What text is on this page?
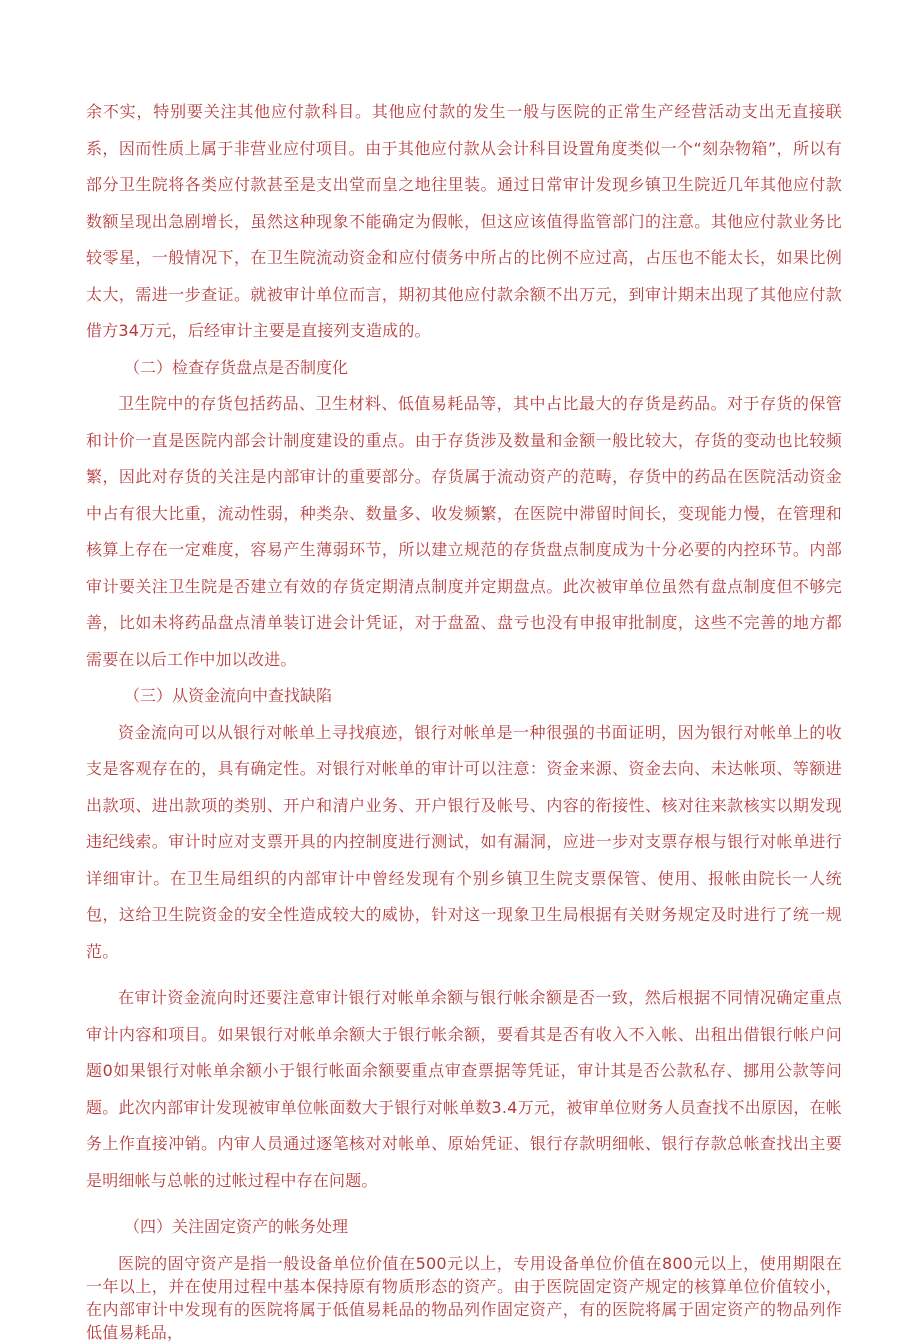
余不实，特别要关注其他应付款科目。其他应付款的发生一般与医院的正常生产经营活动支出无直接联系，因而性质上属于非营业应付项目。由于其他应付款从会计科目设置角度类似一个“刻杂物箱”，所以有部分卫生院将各类应付款甚至是支出堂而皇之地往里装。通过日常审计发现乡镇卫生院近几年其他应付款数额呈现出急剧增长，虽然这种现象不能确定为假帐，但这应该值得监管部门的注意。其他应付款业务比较零星，一般情况下，在卫生院流动资金和应付债务中所占的比例不应过高，占压也不能太长，如果比例太大，需进一步查证。就被审计单位而言，期初其他应付款余额不出万元，到审计期末出现了其他应付款借方34万元，后经审计主要是直接列支造成的。

（二）检查存货盘点是否制度化

卫生院中的存货包括药品、卫生材料、低值易耗品等，其中占比最大的存货是药品。对于存货的保管和计价一直是医院内部会计制度建设的重点。由于存货涉及数量和金额一般比较大，存货的变动也比较频繁，因此对存货的关注是内部审计的重要部分。存货属于流动资产的范畴，存货中的药品在医院活动资金中占有很大比重，流动性弱，种类杂、数量多、收发频繁，在医院中滞留时间长，变现能力慢，在管理和核算上存在一定难度，容易产生薄弱环节，所以建立规范的存货盘点制度成为十分必要的内控环节。内部审计要关注卫生院是否建立有效的存货定期清点制度并定期盘点。此次被审单位虽然有盘点制度但不够完善，比如未将药品盘点清单装订进会计凭证，对于盘盈、盘亏也没有申报审批制度，这些不完善的地方都需要在以后工作中加以改进。

（三）从资金流向中查找缺陷

资金流向可以从银行对帐单上寻找痕迹，银行对帐单是一种很强的书面证明，因为银行对帐单上的收支是客观存在的，具有确定性。对银行对帐单的审计可以注意：资金来源、资金去向、未达帐项、等额进出款项、进出款项的类别、开户和清户业务、开户银行及帐号、内容的衔接性、核对往来款核实以期发现违纪线索。审计时应对支票开具的内控制度进行测试，如有漏洞，应进一步对支票存根与银行对帐单进行详细审计。在卫生局组织的内部审计中曾经发现有个别乡镇卫生院支票保管、使用、报帐由院长一人统包，这给卫生院资金的安全性造成较大的威协，针对这一现象卫生局根据有关财务规定及时进行了统一规范。

在审计资金流向时还要注意审计银行对帐单余额与银行帐余额是否一致，然后根据不同情况确定重点审计内容和项目。如果银行对帐单余额大于银行帐余额，要看其是否有收入不入帐、出租出借银行帐户问题0如果银行对帐单余额小于银行帐面余额要重点审查票据等凭证，审计其是否公款私存、挪用公款等问题。此次内部审计发现被审单位帐面数大于银行对帐单数3.4万元，被审单位财务人员查找不出原因，在帐务上作直接冲销。内审人员通过逐笔核对对帐单、原始凭证、银行存款明细帐、银行存款总帐查找出主要是明细帐与总帐的过帐过程中存在问题。

（四）关注固定资产的帐务处理

医院的固守资产是指一般设备单位价值在500元以上，专用设备单位价值在800元以上，使用期限在一年以上，并在使用过程中基本保持原有物质形态的资产。由于医院固定资产规定的核算单位价值较小，在内部审计中发现有的医院将属于低值易耗品的物品列作固定资产，有的医院将属于固定资产的物品列作低值易耗品，
